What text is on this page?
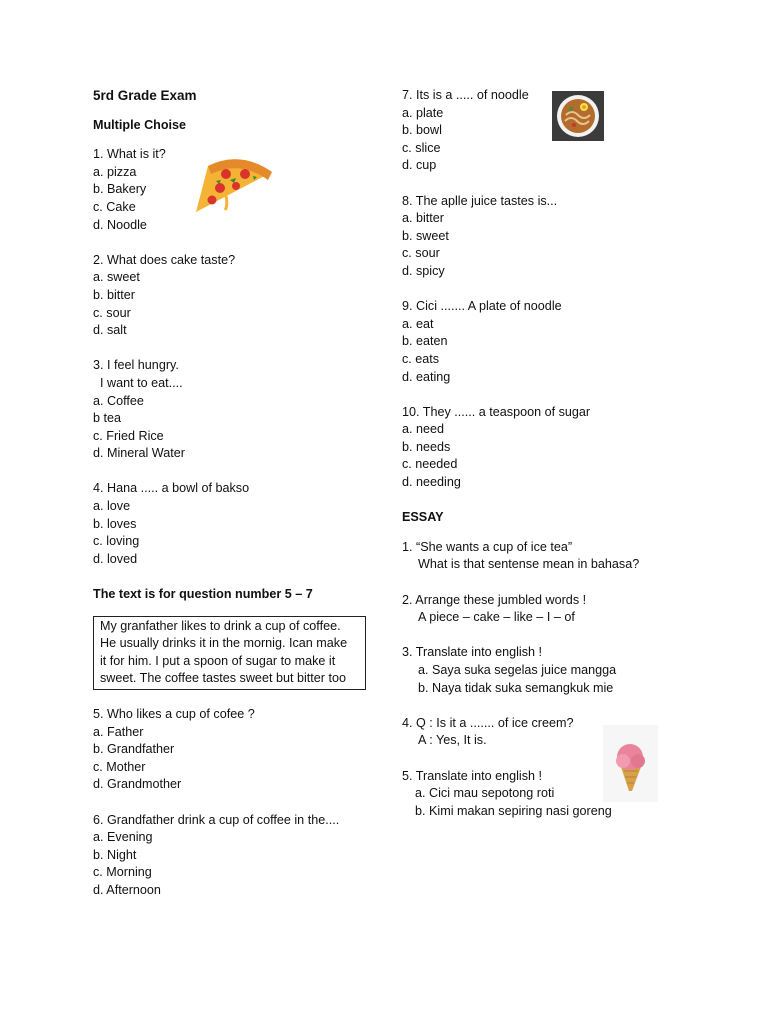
5rd Grade Exam
Multiple Choise
1. What is it?
a. pizza
b. Bakery
c. Cake
d. Noodle
2. What does cake taste?
a. sweet
b. bitter
c. sour
d. salt
3. I feel hungry.
I want to eat....
a. Coffee
b tea
c. Fried Rice
d. Mineral Water
4. Hana ..... a bowl of bakso
a. love
b. loves
c. loving
d. loved
The text is for question number 5 – 7
My granfather likes to drink a cup of coffee.
He usually drinks it in the mornig. Ican make
it for him. I put a spoon of sugar to make it
sweet. The coffee tastes sweet but bitter too
5. Who likes a cup of cofee ?
a. Father
b. Grandfather
c. Mother
d. Grandmother
6. Grandfather drink a cup of coffee in the....
a. Evening
b. Night
c. Morning
d. Afternoon
7. Its is a ..... of noodle
a. plate
b. bowl
c. slice
d. cup
8. The aplle juice tastes is...
a. bitter
b. sweet
c. sour
d. spicy
9. Cici ....... A plate of noodle
a. eat
b. eaten
c. eats
d. eating
10. They ...... a teaspoon of sugar
a. need
b. needs
c. needed
d. needing
ESSAY
1. “She wants a cup of ice tea”
What is that sentense mean in bahasa?
2. Arrange these jumbled words !
A piece – cake – like – I – of
3. Translate into english !
a. Saya suka segelas juice mangga
b. Naya tidak suka semangkuk mie
4. Q : Is it a ....... of ice creem?
A : Yes, It is.
5. Translate into english !
a. Cici mau sepotong roti
b. Kimi makan sepiring nasi goreng
